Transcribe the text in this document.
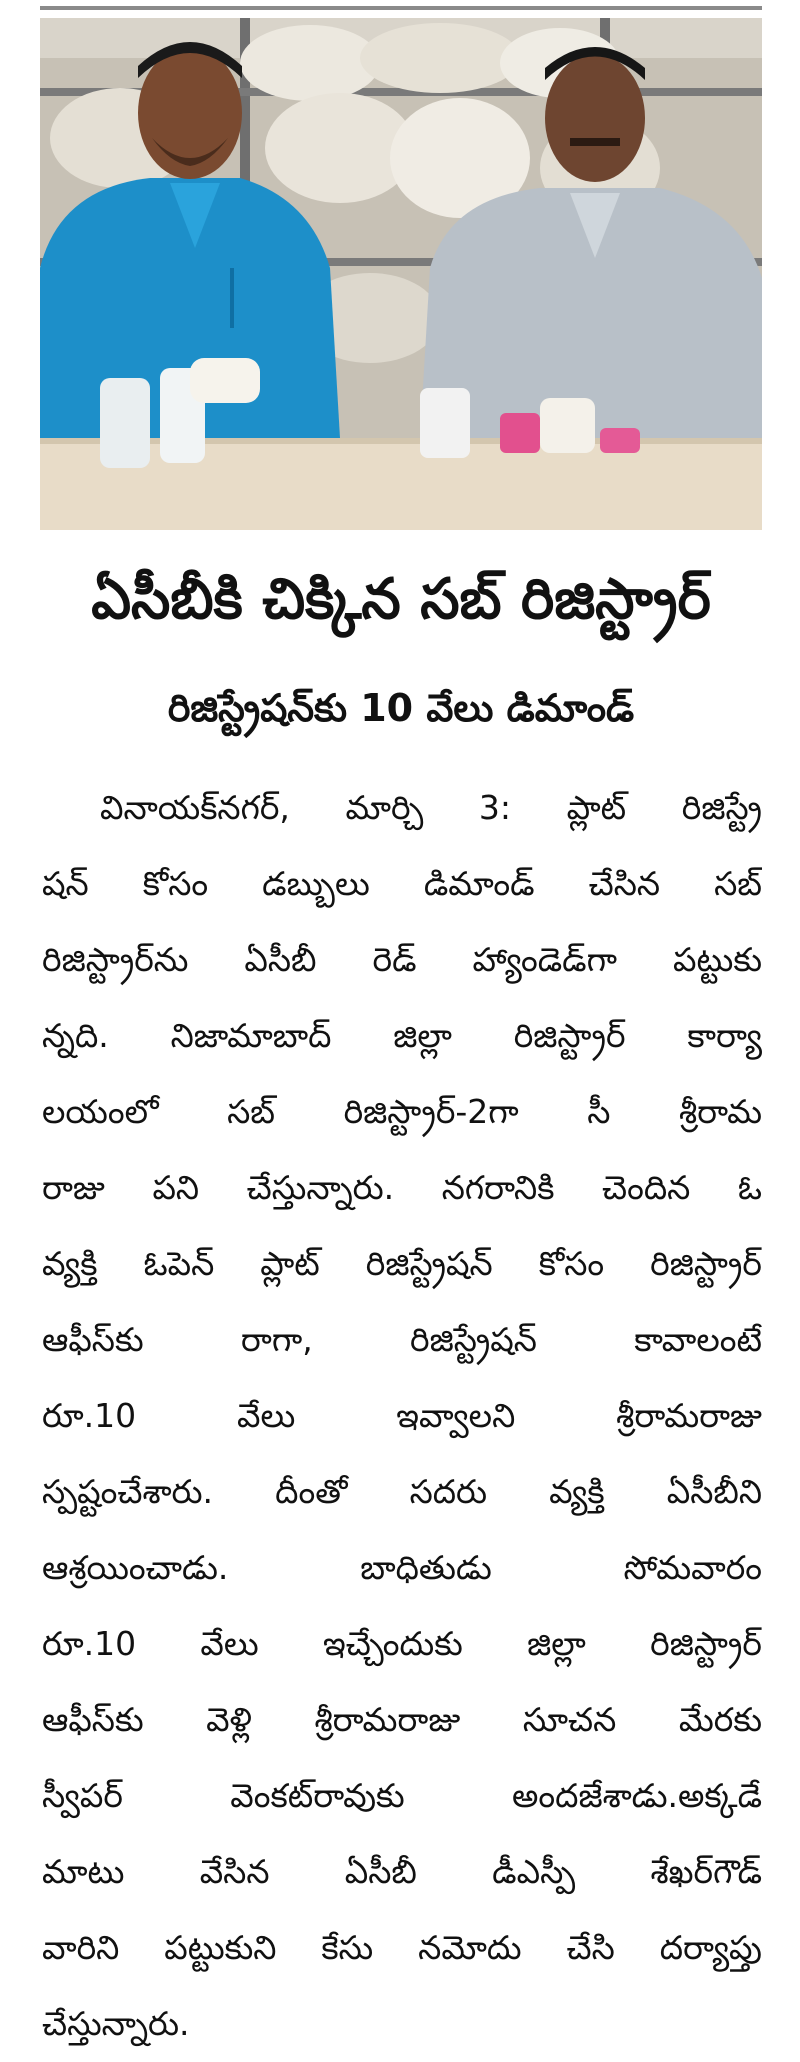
ఏసీబీకి చిక్కిన సబ్‌ రిజిస్ట్రార్‌
రిజిస్ట్రేషన్‌కు 10 వేలు డిమాండ్‌
వినాయక్‌నగర్‌, మార్చి 3: ప్లాట్‌ రిజిస్ట్రే
షన్‌ కోసం డబ్బులు డిమాండ్‌ చేసిన సబ్‌
రిజిస్ట్రార్‌ను ఏసీబీ రెడ్‌ హ్యాండెడ్‌గా పట్టుకు
న్నది. నిజామాబాద్‌ జిల్లా రిజిస్ట్రార్‌ కార్యా
లయంలో సబ్‌ రిజిస్ట్రార్‌-2గా సీ శ్రీరామ
రాజు పని చేస్తున్నారు. నగరానికి చెందిన ఓ
వ్యక్తి ఓపెన్‌ ప్లాట్‌ రిజిస్ట్రేషన్‌ కోసం రిజిస్ట్రార్‌
ఆఫీస్‌కు రాగా, రిజిస్ట్రేషన్‌ కావాలంటే
రూ.10 వేలు ఇవ్వాలని శ్రీరామరాజు
స్పష్టంచేశారు. దీంతో సదరు వ్యక్తి ఏసీబీని
ఆశ్రయించాడు. బాధితుడు సోమవారం
రూ.10 వేలు ఇచ్చేందుకు జిల్లా రిజిస్ట్రార్‌
ఆఫీస్‌కు వెళ్లి శ్రీరామరాజు సూచన మేరకు
స్వీపర్‌ వెంకట్‌రావుకు అందజేశాడు.అక్కడే
మాటు వేసిన ఏసీబీ డీఎస్పీ శేఖర్‌గౌడ్‌
వారిని పట్టుకుని కేసు నమోదు చేసి దర్యాప్తు
చేస్తున్నారు.
